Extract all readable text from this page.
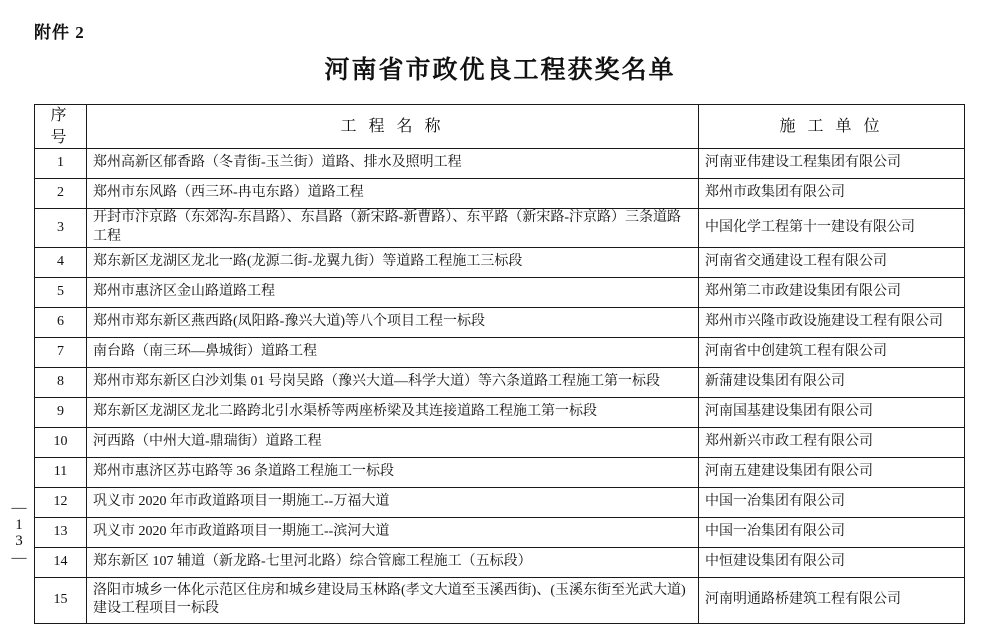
附件 2
河南省市政优良工程获奖名单
序 号	工 程 名 称	施 工 单 位
1	郑州高新区郁香路（冬青街-玉兰街）道路、排水及照明工程	河南亚伟建设工程集团有限公司
2	郑州市东风路（西三环-冉屯东路）道路工程	郑州市政集团有限公司
3	开封市汴京路（东郊沟-东昌路）、东昌路（新宋路-新曹路）、东平路（新宋路-汴京路）三条道路工程	中国化学工程第十一建设有限公司
4	郑东新区龙湖区龙北一路(龙源二街-龙翼九街）等道路工程施工三标段	河南省交通建设工程有限公司
5	郑州市惠济区金山路道路工程	郑州第二市政建设集团有限公司
6	郑州市郑东新区燕西路(凤阳路-豫兴大道)等八个项目工程一标段	郑州市兴隆市政设施建设工程有限公司
7	南台路（南三环—鼻城街）道路工程	河南省中创建筑工程有限公司
8	郑州市郑东新区白沙刘集 01 号岗吴路（豫兴大道—科学大道）等六条道路工程施工第一标段	新蒲建设集团有限公司
9	郑东新区龙湖区龙北二路跨北引水渠桥等两座桥梁及其连接道路工程施工第一标段	河南国基建设集团有限公司
10	河西路（中州大道-鼎瑞街）道路工程	郑州新兴市政工程有限公司
11	郑州市惠济区苏屯路等 36 条道路工程施工一标段	河南五建建设集团有限公司
12	巩义市 2020 年市政道路项目一期施工--万福大道	中国一冶集团有限公司
13	巩义市 2020 年市政道路项目一期施工--滨河大道	中国一冶集团有限公司
14	郑东新区 107 辅道（新龙路-七里河北路）综合管廊工程施工（五标段）	中恒建设集团有限公司
15	洛阳市城乡一体化示范区住房和城乡建设局玉林路(孝文大道至玉溪西街)、(玉溪东街至光武大道)建设工程项目一标段	河南明通路桥建筑工程有限公司
—
1
3
—
